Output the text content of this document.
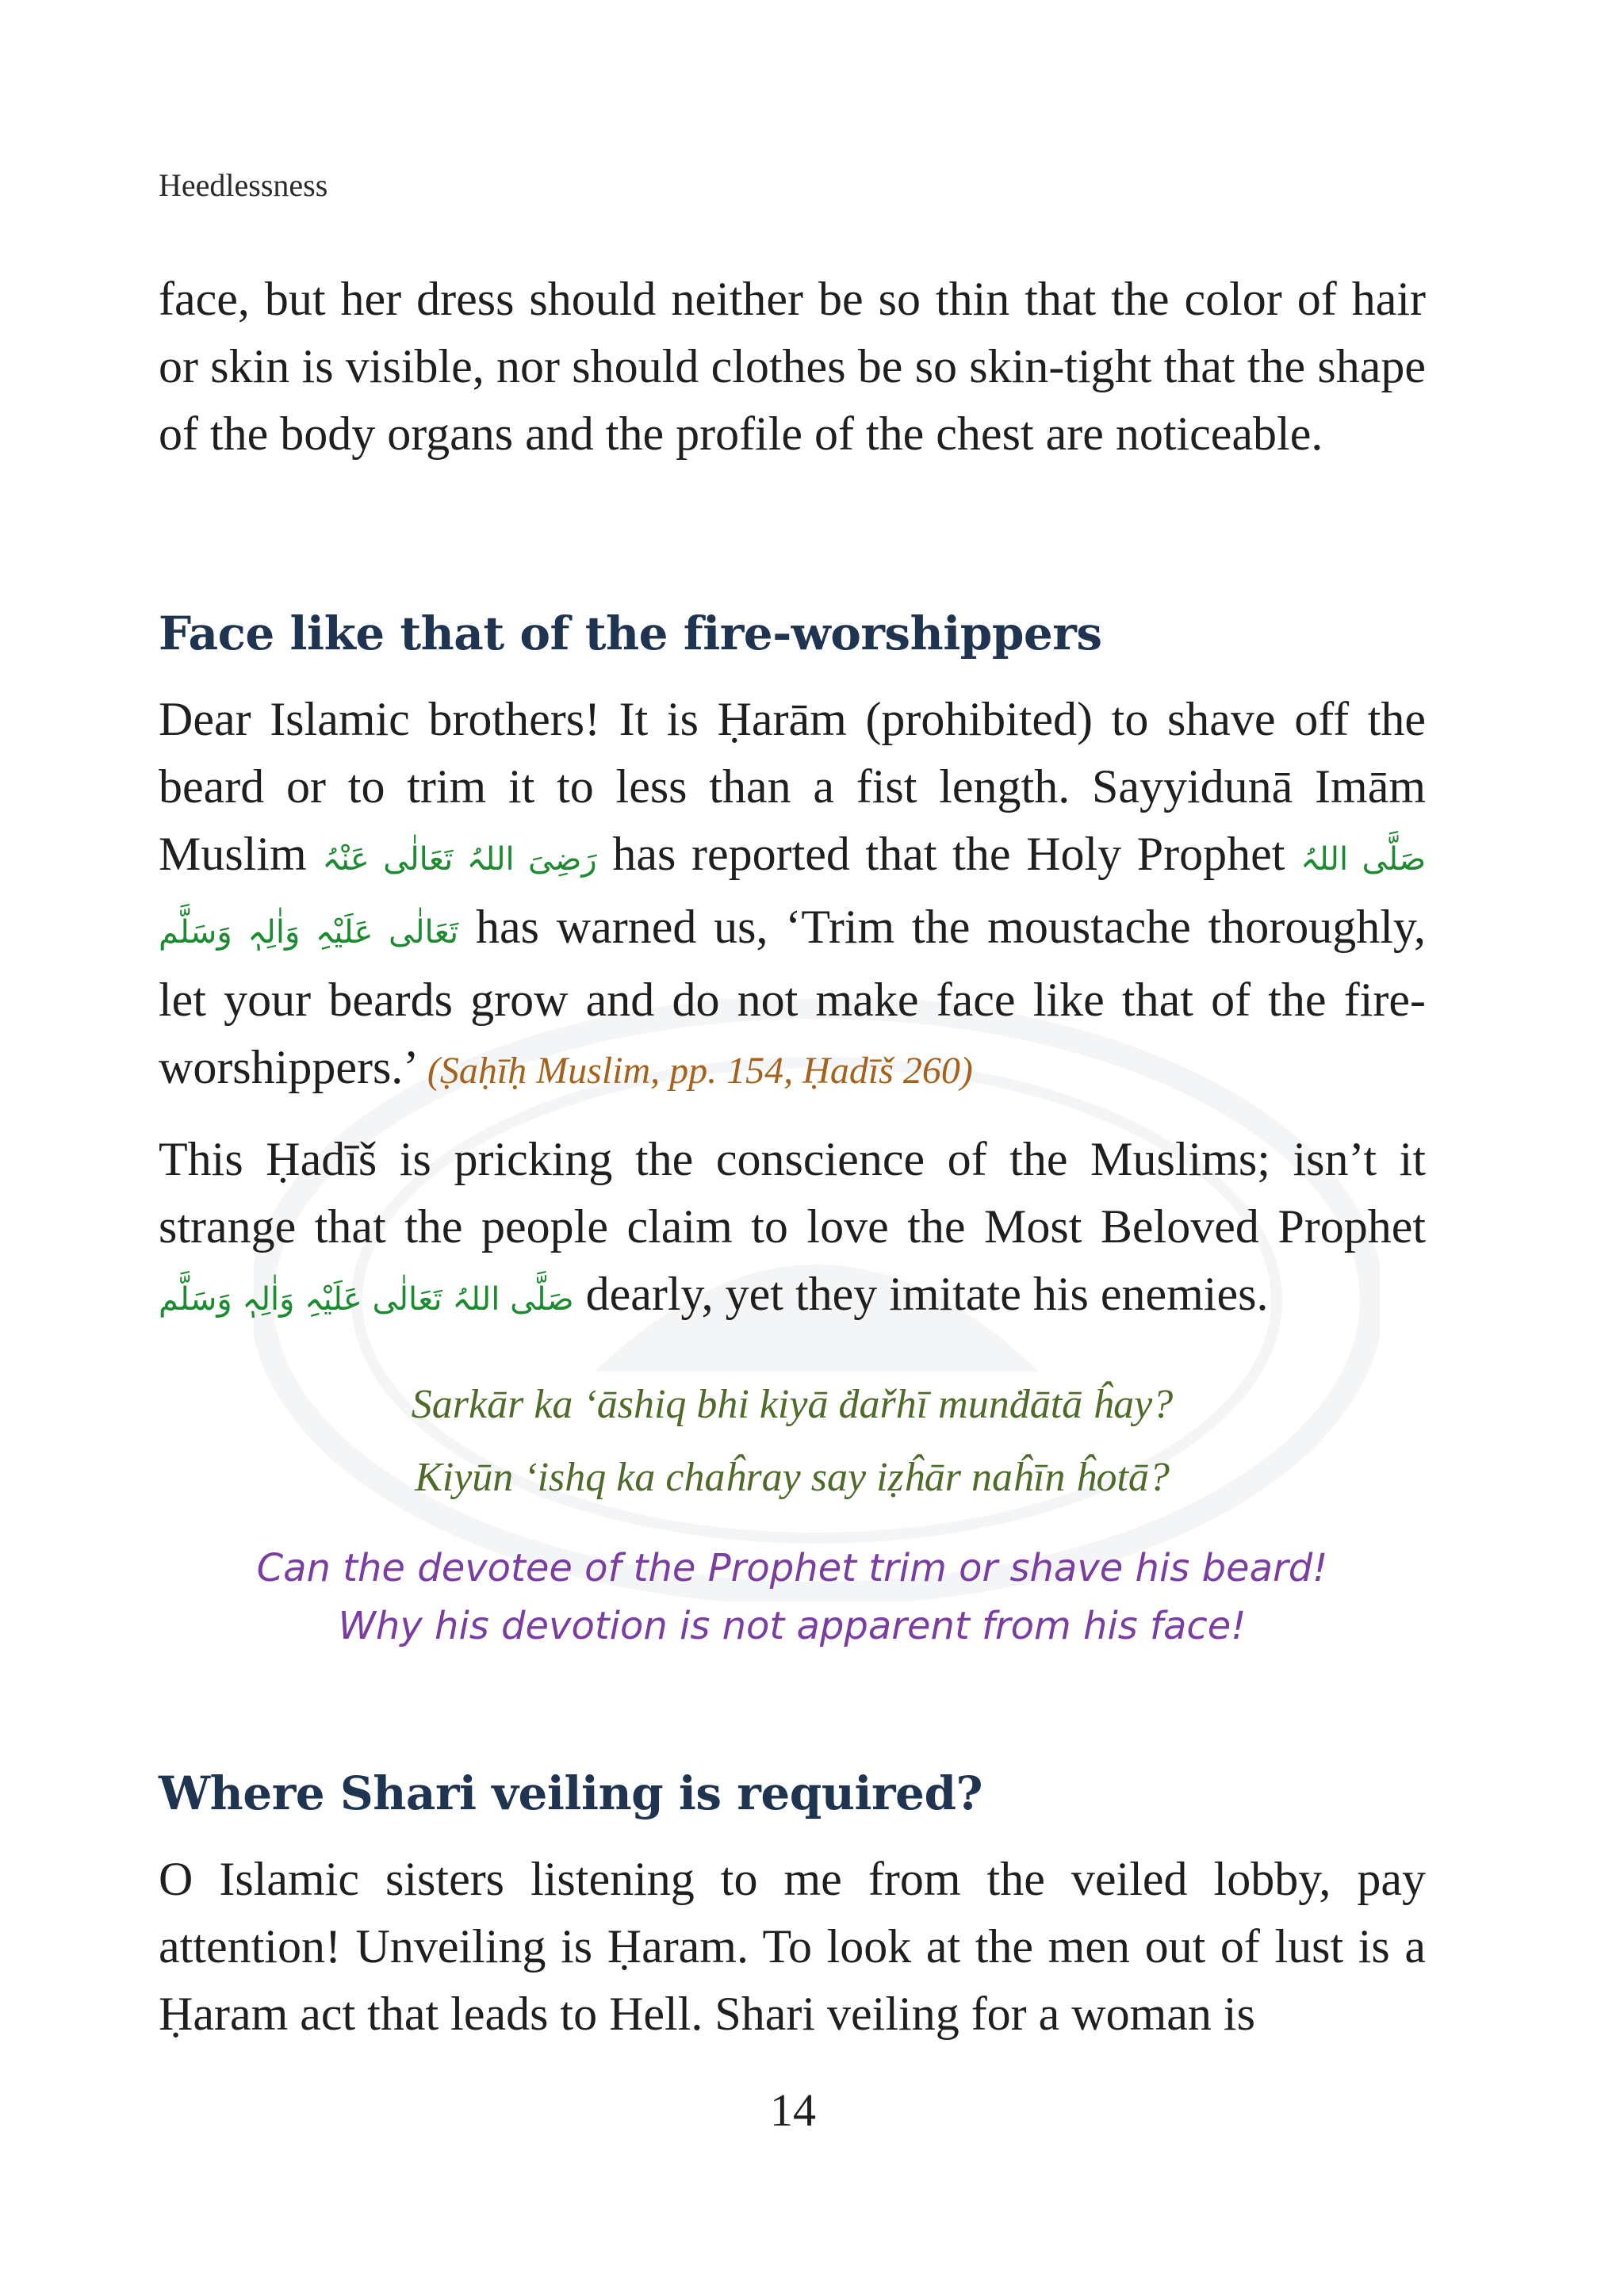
Heedlessness

face, but her dress should neither be so thin that the color of hair or skin is visible, nor should clothes be so skin-tight that the shape of the body organs and the profile of the chest are noticeable.

Face like that of the fire-worshippers

Dear Islamic brothers! It is Ḥarām (prohibited) to shave off the beard or to trim it to less than a fist length. Sayyidunā Imām Muslim رَضِیَ اللہُ تَعَالٰی عَنْہُ has reported that the Holy Prophet صَلَّی اللہُ تَعَالٰی عَلَیْہِ وَاٰلِہٖ وَسَلَّم has warned us, ‘Trim the moustache thoroughly, let your beards grow and do not make face like that of the fire-worshippers.’ (Ṣaḥīḥ Muslim, pp. 154, Ḥadīš 260)

This Ḥadīš is pricking the conscience of the Muslims; isn’t it strange that the people claim to love the Most Beloved Prophet صَلَّی اللہُ تَعَالٰی عَلَیْہِ وَاٰلِہٖ وَسَلَّم dearly, yet they imitate his enemies.

Sarkār ka ‘āshiq bhi kiyā ḋařhī munḋātā ĥay?

Kiyūn ‘ishq ka chaĥray say iẓĥār naĥīn ĥotā?

Can the devotee of the Prophet trim or shave his beard!

Why his devotion is not apparent from his face!

Where Shari veiling is required?

O Islamic sisters listening to me from the veiled lobby, pay attention! Unveiling is Ḥaram. To look at the men out of lust is a Ḥaram act that leads to Hell. Shari veiling for a woman is

14
